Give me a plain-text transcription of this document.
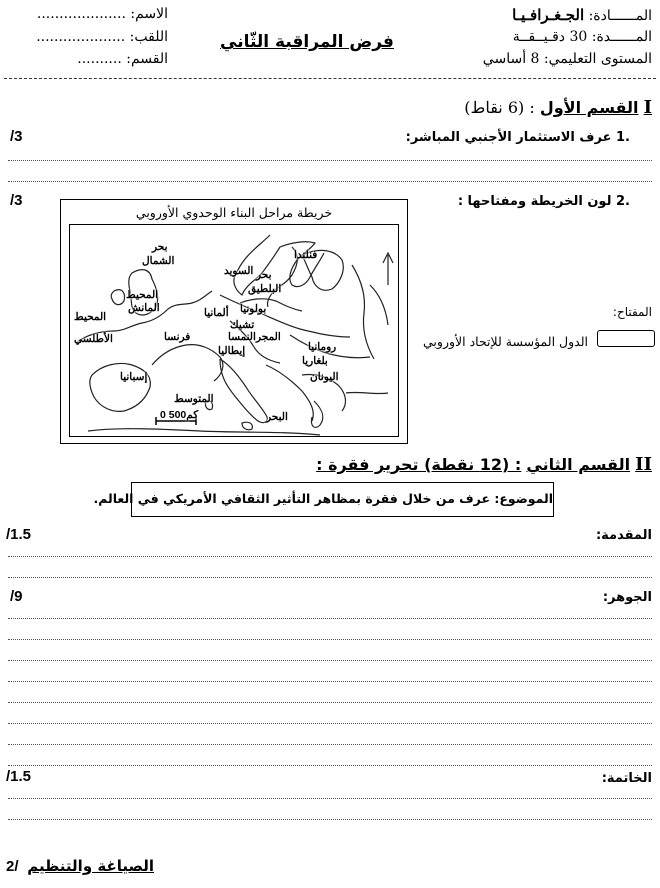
المــــــادة: الجـغـرافـيـا
المــــــدة: 30 دقـيــقــة
المستوى التعليمي: 8 أساسي
فرض المراقبة الثّاني
الاسم: ....................
اللقب: ....................
القسم: ..........
I القسم الأول : (6 نقاط)
.1 عرف الاستثمار الأجنبي المباشر:
/3
.2 لون الخريطة ومفتاحها :
/3
خريطة مراحل البناء الوحدوي الأوروبي
بحر
الشمال	فنلندا
بحر
السويد
البلطيق
المحيط
المانش
المحيط
الأطلسي
بولونيا
ألمانيا
تشيك
المجر
النمسا
فرنسا
رومانيا
بلغاريا
إيطاليا
اليونان
إسبانيا
المتوسط
البحر
0 500كم
المفتاح:
الدول المؤسسة للإتحاد الأوروبي
II القسم الثاني : (12 نقطة) تحرير فقرة :
الموضوع: عرف من خلال فقرة بمظاهر التأثير الثقافي الأمريكي في العالم.
المقدمة:
/1.5
الجوهر:
/9
الخاتمة:
/1.5
2/ الصياغة والتنظيم
